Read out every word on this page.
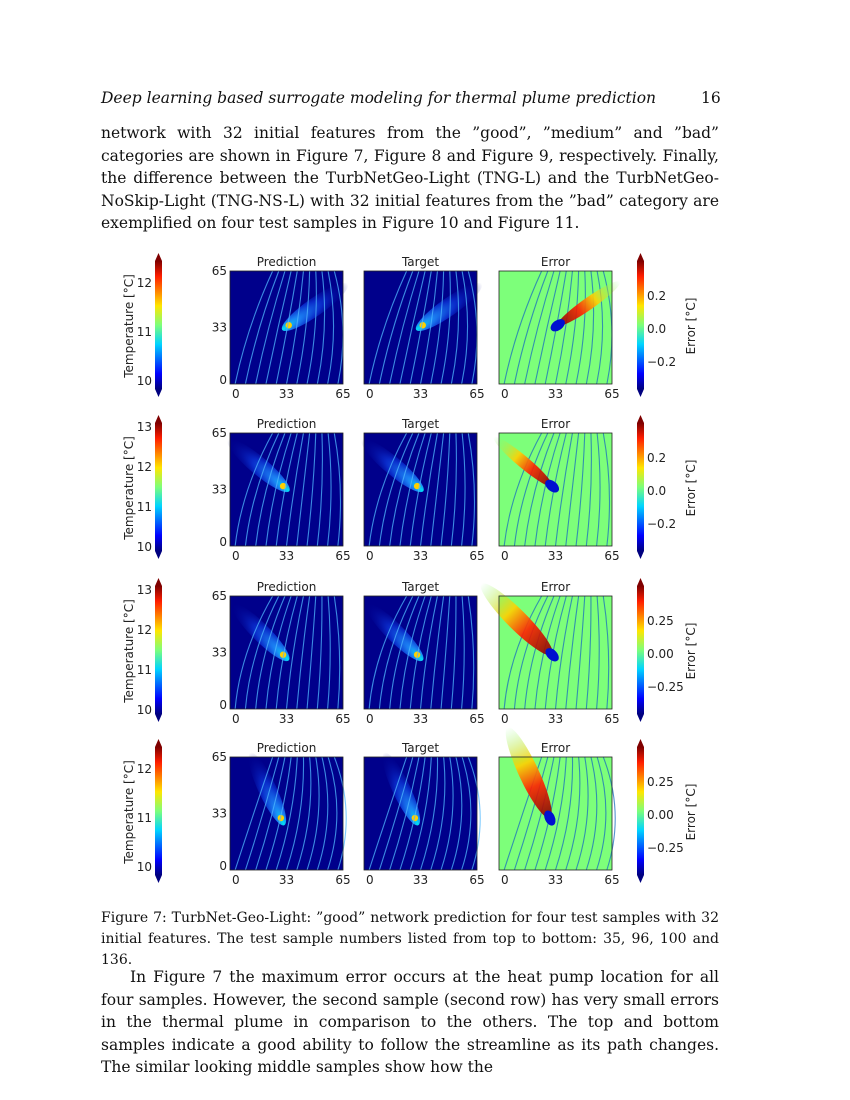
Deep learning based surrogate modeling for thermal plume prediction	16

network with 32 initial features from the ”good”, ”medium” and ”bad” categories are shown in Figure 7, Figure 8 and Figure 9, respectively. Finally, the difference between the TurbNetGeo-Light (TNG-L) and the TurbNetGeo-NoSkip-Light (TNG-NS-L) with 32 initial features from the ”bad” category are exemplified on four test samples in Figure 10 and Figure 11.

12
11
10
Temperature [°C]
Prediction
0	33	65
65
33
0
Target
0	33	65
Error
0	33	65
0.2
0.0
−0.2
Error [°C]
13
12
11
10
Temperature [°C]
Prediction
0	33	65
65
33
0
Target
0	33	65
Error
0	33	65
0.2
0.0
−0.2
Error [°C]
13
12
11
10
Temperature [°C]
Prediction
0	33	65
65
33
0
Target
0	33	65
Error
0	33	65
0.25
0.00
−0.25
Error [°C]
12
11
10
Temperature [°C]
Prediction
0	33	65
65
33
0
Target
0	33	65
Error
0	33	65
0.25
0.00
−0.25
Error [°C]

Figure 7: TurbNet-Geo-Light: ”good” network prediction for four test samples with 32 initial features. The test sample numbers listed from top to bottom: 35, 96, 100 and 136.

In Figure 7 the maximum error occurs at the heat pump location for all four samples. However, the second sample (second row) has very small errors in the thermal plume in comparison to the others. The top and bottom samples indicate a good ability to follow the streamline as its path changes. The similar looking middle samples show how the
